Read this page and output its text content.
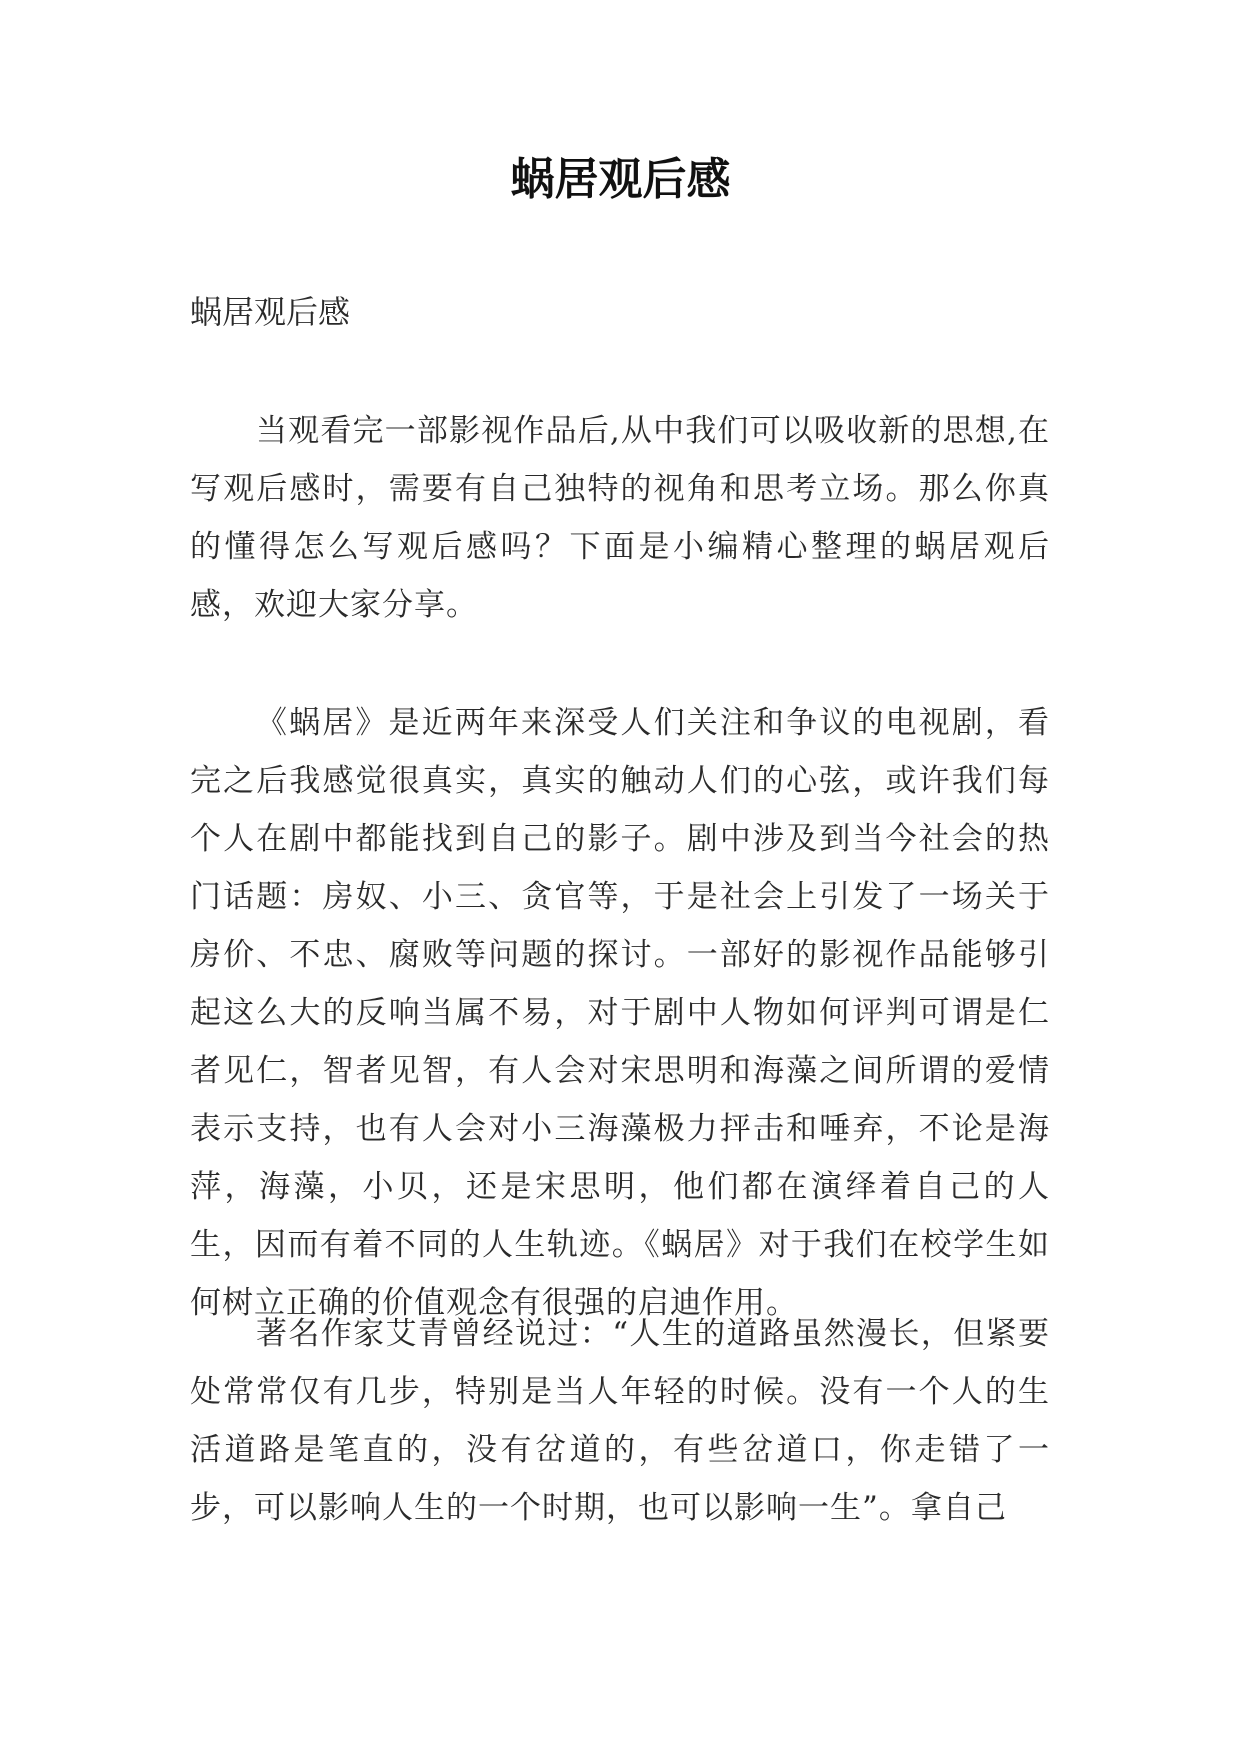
蜗居观后感

蜗居观后感

当观看完一部影视作品后,从中我们可以吸收新的思想,在写观后感时，需要有自己独特的视角和思考立场。那么你真的懂得怎么写观后感吗？下面是小编精心整理的蜗居观后感，欢迎大家分享。

《蜗居》是近两年来深受人们关注和争议的电视剧，看完之后我感觉很真实，真实的触动人们的心弦，或许我们每个人在剧中都能找到自己的影子。剧中涉及到当今社会的热门话题：房奴、小三、贪官等，于是社会上引发了一场关于房价、不忠、腐败等问题的探讨。一部好的影视作品能够引起这么大的反响当属不易，对于剧中人物如何评判可谓是仁者见仁，智者见智，有人会对宋思明和海藻之间所谓的爱情表示支持，也有人会对小三海藻极力抨击和唾弃，不论是海萍，海藻，小贝，还是宋思明，他们都在演绎着自己的人生，因而有着不同的人生轨迹。《蜗居》对于我们在校学生如何树立正确的价值观念有很强的启迪作用。

著名作家艾青曾经说过：“人生的道路虽然漫长，但紧要处常常仅有几步，特别是当人年轻的时候。没有一个人的生活道路是笔直的，没有岔道的，有些岔道口，你走错了一步，可以影响人生的一个时期，也可以影响一生”。拿自己
